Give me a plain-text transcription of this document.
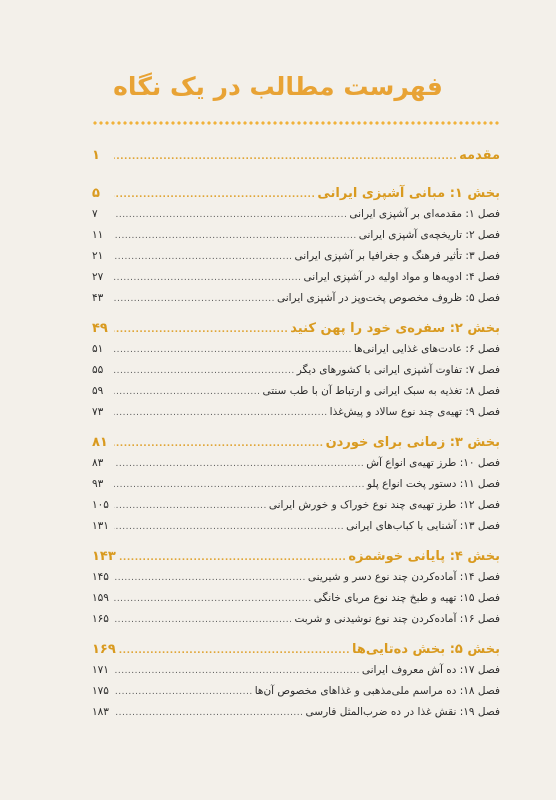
فهرست مطالب در یک نگاه
مقدمه
.....
۱
بخش ۱: مبانی آشپزی ایرانی
.....
۵
فصل ۱: مقدمه‌ای بر آشپزی ایرانی
.....
۷
فصل ۲: تاریخچه‌ی آشپزی ایرانی
.....
۱۱
فصل ۳: تأثیر فرهنگ و جغرافیا بر آشپزی ایرانی
.....
۲۱
فصل ۴: ادویه‌ها و مواد اولیه در آشپزی ایرانی
.....
۲۷
فصل ۵: ظروف مخصوص پخت‌وپز در آشپزی ایرانی
.....
۴۳
بخش ۲: سفره‌ی خود را پهن کنید
.....
۴۹
فصل ۶: عادت‌های غذایی ایرانی‌ها
.....
۵۱
فصل ۷: تفاوت آشپزی ایرانی با کشورهای دیگر
.....
۵۵
فصل ۸: تغذیه به سبک ایرانی و ارتباط آن با طب سنتی
.....
۵۹
فصل ۹: تهیه‌ی چند نوع سالاد و پیش‌غذا
.....
۷۳
بخش ۳: زمانی برای خوردن
.....
۸۱
فصل ۱۰: طرز تهیه‌ی انواع آش
.....
۸۳
فصل ۱۱: دستور پخت انواع پلو
.....
۹۳
فصل ۱۲: طرز تهیه‌ی چند نوع خوراک و خورش ایرانی
.....
۱۰۵
فصل ۱۳: آشنایی با کباب‌های ایرانی
.....
۱۳۱
بخش ۴: پایانی خوشمزه
.....
۱۴۳
فصل ۱۴: آماده‌کردن چند نوع دسر و شیرینی
.....
۱۴۵
فصل ۱۵: تهیه و طبخ چند نوع مربای خانگی
.....
۱۵۹
فصل ۱۶: آماده‌کردن چند نوع نوشیدنی و شربت
.....
۱۶۵
بخش ۵: بخش ده‌تایی‌ها
.....
۱۶۹
فصل ۱۷: ده آش معروف ایرانی
.....
۱۷۱
فصل ۱۸: ده مراسم ملی‌مذهبی و غذاهای مخصوص آن‌ها
.....
۱۷۵
فصل ۱۹: نقش غذا در ده ضرب‌المثل فارسی
.....
۱۸۳
